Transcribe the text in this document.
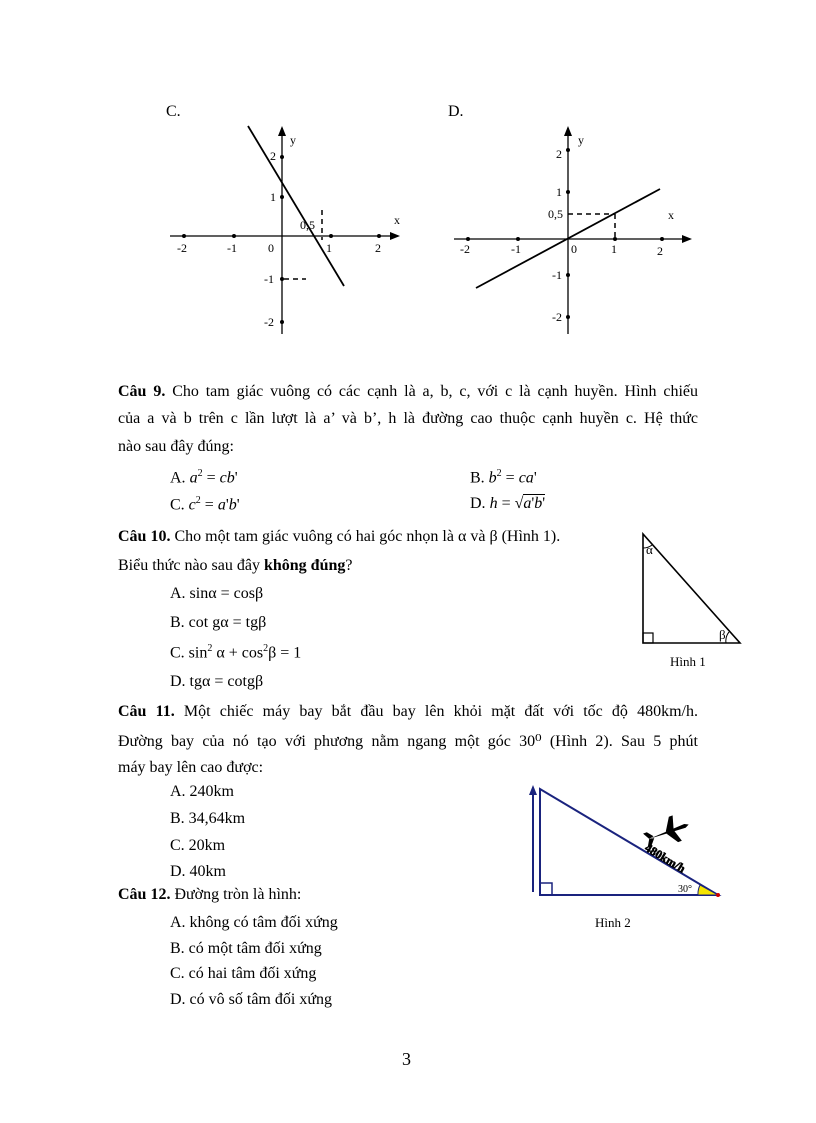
C.
y
x
-2	-1	0	1	2
2
1
0,5
-1
-2
D.
y
x
-2	-1	0	1	2
2
1
0,5
-1
-2
Câu 9. Cho tam giác vuông có các cạnh là a, b, c, với c là cạnh huyền. Hình chiếu
của a và b trên c lần lượt là a’ và b’, h là đường cao thuộc cạnh huyền c. Hệ thức
nào sau đây đúng:
A. $a^2 = cb'$	B. $b^2 = ca'$
C. $c^2 = a'b'$	D. h = √a'b'
Câu 10. Cho một tam giác vuông có hai góc nhọn là α và β (Hình 1).
Biểu thức nào sau đây không đúng?
A. sinα = cosβ
B. cot gα = tgβ
C. $\sin^2 \alpha + \cos^2\beta = 1$
D. tgα = cotgβ
α
β
Hình 1
Câu 11. Một chiếc máy bay bắt đầu bay lên khỏi mặt đất với tốc độ 480km/h.
Đường bay của nó tạo với phương nằm ngang một góc 30⁰ (Hình 2). Sau 5 phút
máy bay lên cao được:
A. 240km
B. 34,64km
C. 20km
D. 40km
30°
480km/h
Hình 2
Câu 12. Đường tròn là hình:
A. không có tâm đối xứng
B. có một tâm đối xứng
C. có hai tâm đối xứng
D. có vô số tâm đối xứng
3
